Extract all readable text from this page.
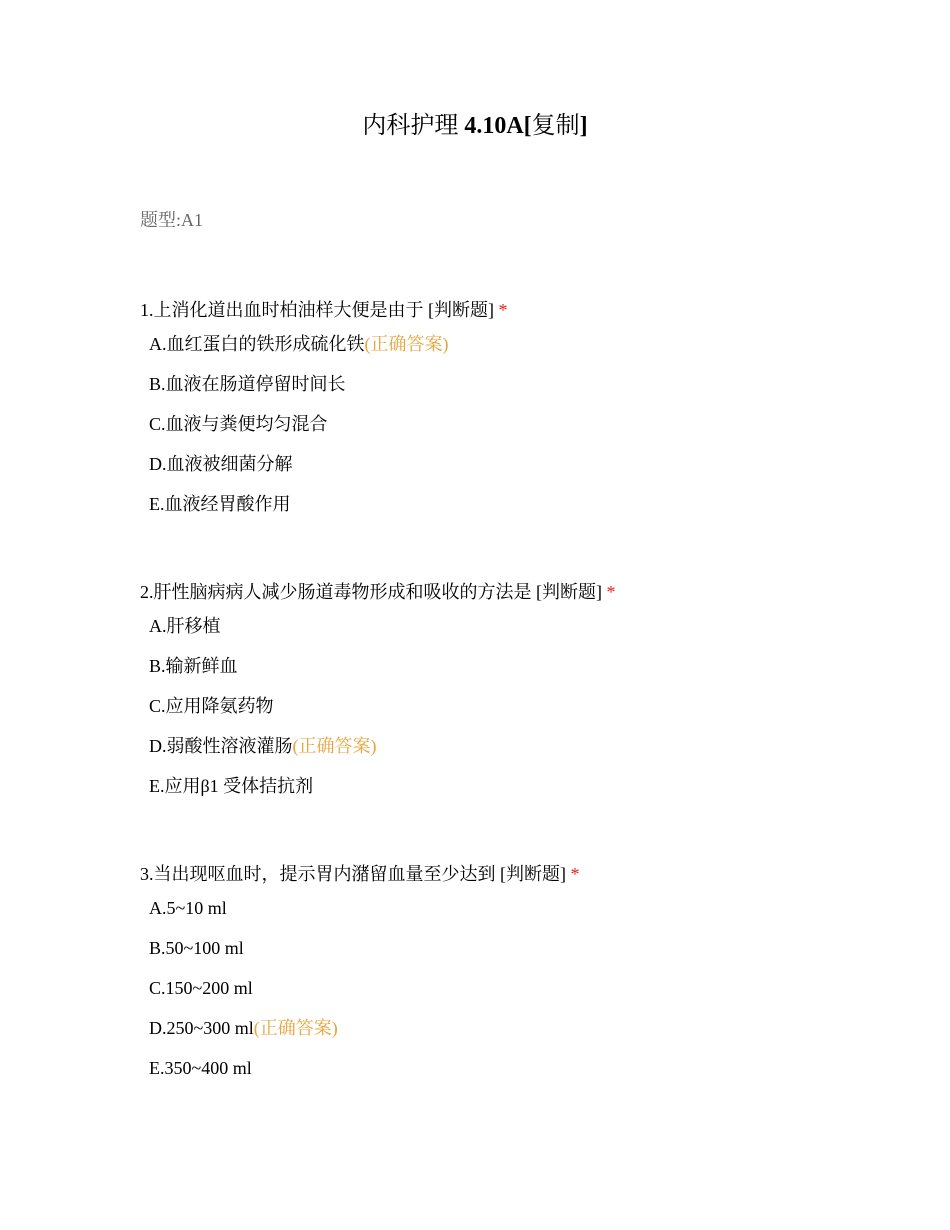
内科护理 4.10A[复制]
题型:A1

1.上消化道出血时柏油样大便是由于 [判断题] *

A.血红蛋白的铁形成硫化铁(正确答案)
B.血液在肠道停留时间长
C.血液与粪便均匀混合
D.血液被细菌分解
E.血液经胃酸作用

2.肝性脑病病人减少肠道毒物形成和吸收的方法是 [判断题] *

A.肝移植
B.输新鲜血
C.应用降氨药物
D.弱酸性溶液灌肠(正确答案)
E.应用β1 受体拮抗剂

3.当出现呕血时，提示胃内潴留血量至少达到 [判断题] *

A.5~10 ml
B.50~100 ml
C.150~200 ml
D.250~300 ml(正确答案)
E.350~400 ml
